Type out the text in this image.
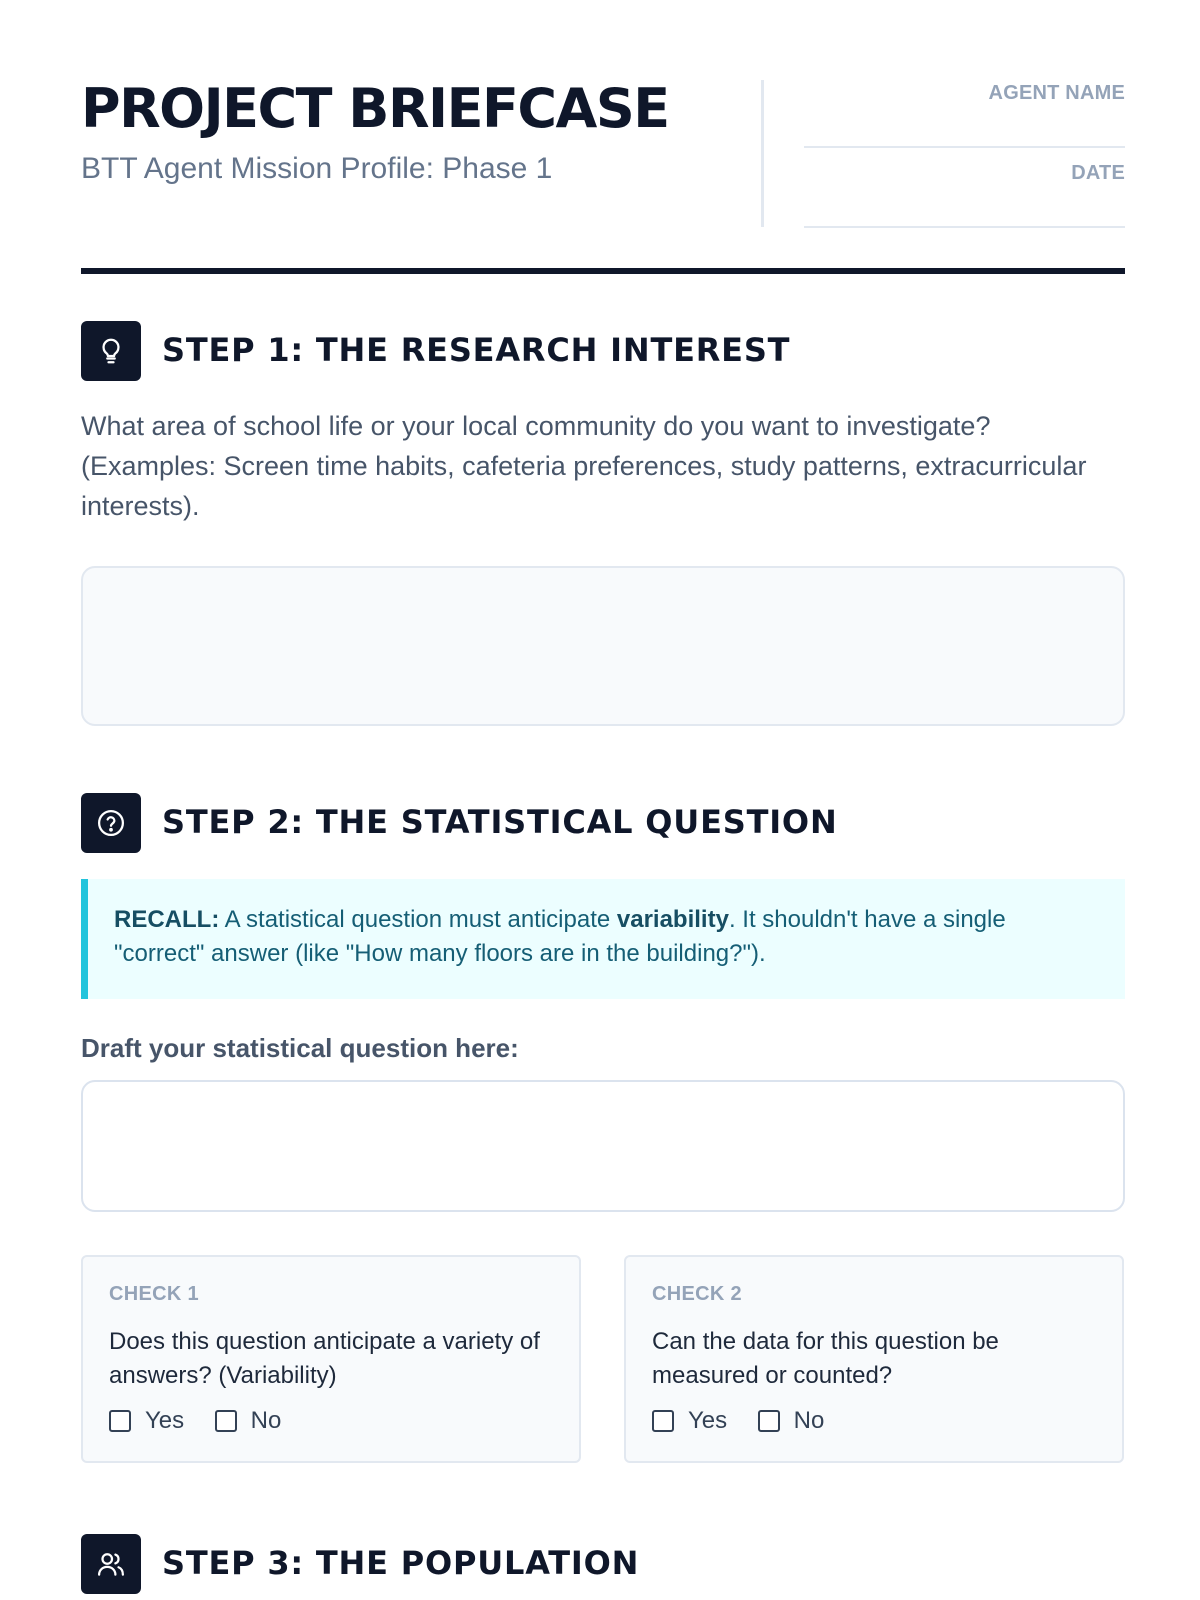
PROJECT BRIEFCASE
BTT Agent Mission Profile: Phase 1
AGENT NAME
DATE
STEP 1: THE RESEARCH INTEREST
What area of school life or your local community do you want to investigate? (Examples: Screen time habits, cafeteria preferences, study patterns, extracurricular interests).
STEP 2: THE STATISTICAL QUESTION
RECALL: A statistical question must anticipate variability. It shouldn't have a single "correct" answer (like "How many floors are in the building?").
Draft your statistical question here:
CHECK 1
Does this question anticipate a variety of answers? (Variability)
Yes	No
CHECK 2
Can the data for this question be measured or counted?
Yes	No
STEP 3: THE POPULATION
